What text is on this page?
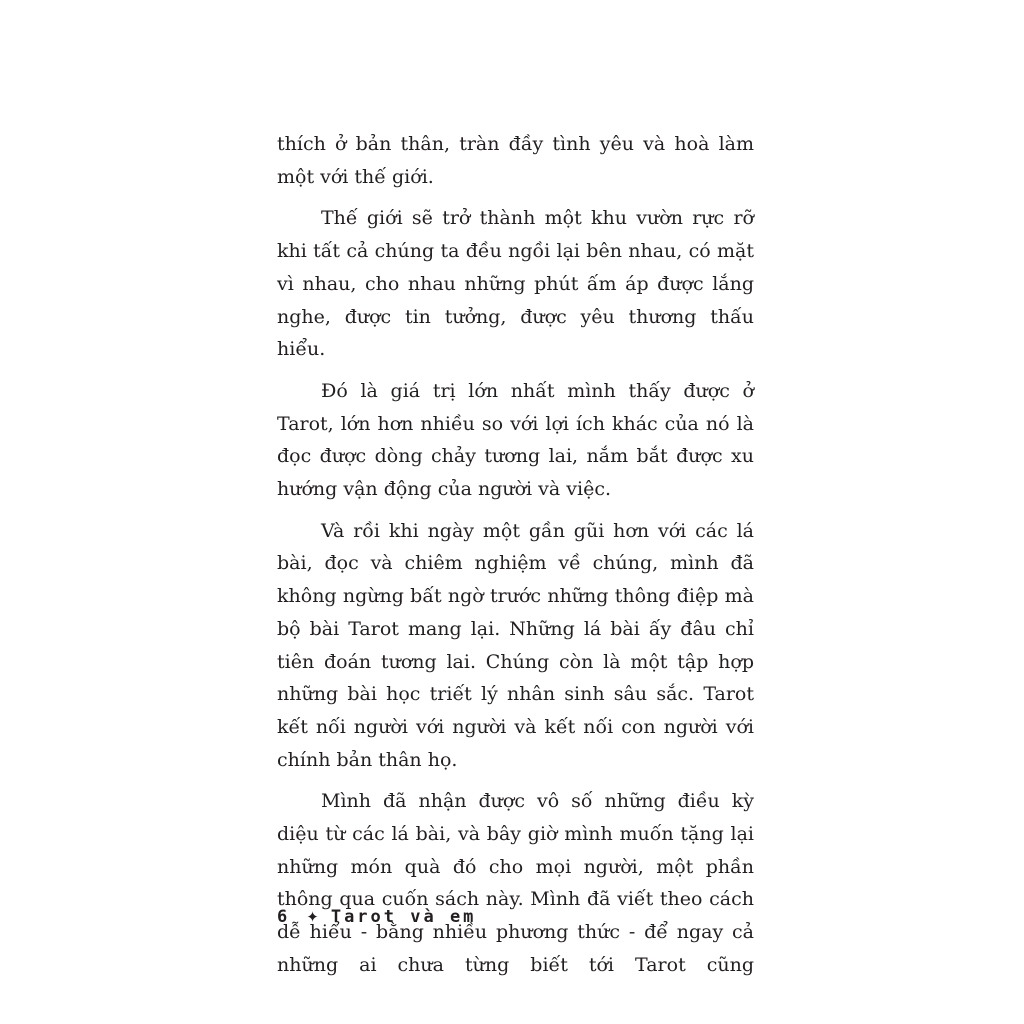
thích ở bản thân, tràn đầy tình yêu và hoà làm một với thế giới.

Thế giới sẽ trở thành một khu vườn rực rỡ khi tất cả chúng ta đều ngồi lại bên nhau, có mặt vì nhau, cho nhau những phút ấm áp được lắng nghe, được tin tưởng, được yêu thương thấu hiểu.

Đó là giá trị lớn nhất mình thấy được ở Tarot, lớn hơn nhiều so với lợi ích khác của nó là đọc được dòng chảy tương lai, nắm bắt được xu hướng vận động của người và việc.

Và rồi khi ngày một gần gũi hơn với các lá bài, đọc và chiêm nghiệm về chúng, mình đã không ngừng bất ngờ trước những thông điệp mà bộ bài Tarot mang lại. Những lá bài ấy đâu chỉ tiên đoán tương lai. Chúng còn là một tập hợp những bài học triết lý nhân sinh sâu sắc. Tarot kết nối người với người và kết nối con người với chính bản thân họ.

Mình đã nhận được vô số những điều kỳ diệu từ các lá bài, và bây giờ mình muốn tặng lại những món quà đó cho mọi người, một phần thông qua cuốn sách này. Mình đã viết theo cách dễ hiểu - bằng nhiều phương thức - để ngay cả những ai chưa từng biết tới Tarot cũng

6 ✦ Tarot và em
